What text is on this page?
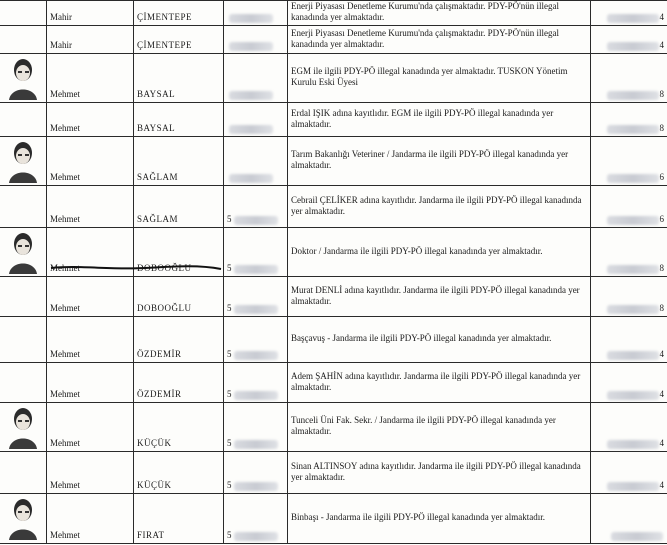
	Mahir	ÇİMENTEPE		Enerji Piyasası Denetleme Kurumu'nda çalışmaktadır. PDY-PÖ'nün illegal kanadında yer almaktadır.	4
	Mahir	ÇİMENTEPE		Enerji Piyasası Denetleme Kurumu'nda çalışmaktadır. PDY-PÖ'nün illegal kanadında yer almaktadır.	4

	Mehmet	BAYSAL		EGM ile ilgili PDY-PÖ illegal kanadında yer almaktadır. TUSKON Yönetim Kurulu Eski Üyesi	8
	Mehmet	BAYSAL		Erdal IŞIK adına kayıtlıdır. EGM ile ilgili PDY-PÖ illegal kanadında yer almaktadır.	8

	Mehmet	SAĞLAM		Tarım Bakanlığı Veteriner / Jandarma ile ilgili PDY-PÖ illegal kanadında yer almaktadır.	6
	Mehmet	SAĞLAM	5	Cebrail ÇELİKER adına kayıtlıdır. Jandarma ile ilgili PDY-PÖ illegal kanadında yer almaktadır.	6

	Mehmet	DOBOOĞLU	5	Doktor / Jandarma ile ilgili PDY-PÖ illegal kanadında yer almaktadır.	8
	Mehmet	DOBOOĞLU	5	Murat DENLİ adına kayıtlıdır. Jandarma ile ilgili PDY-PÖ illegal kanadında yer almaktadır.	8
	Mehmet	ÖZDEMİR	5	Başçavuş - Jandarma ile ilgili PDY-PÖ illegal kanadında yer almaktadır.	4
	Mehmet	ÖZDEMİR	5	Adem ŞAHİN adına kayıtlıdır. Jandarma ile ilgili PDY-PÖ illegal kanadında yer almaktadır.	4

	Mehmet	KÜÇÜK	5	Tunceli Üni Fak. Sekr. / Jandarma ile ilgili PDY-PÖ illegal kanadında yer almaktadır.	4
	Mehmet	KÜÇÜK	5	Sinan ALTINSOY adına kayıtlıdır. Jandarma ile ilgili PDY-PÖ illegal kanadında yer almaktadır.	4

	Mehmet	FIRAT	5	Binbaşı - Jandarma ile ilgili PDY-PÖ illegal kanadında yer almaktadır.	
